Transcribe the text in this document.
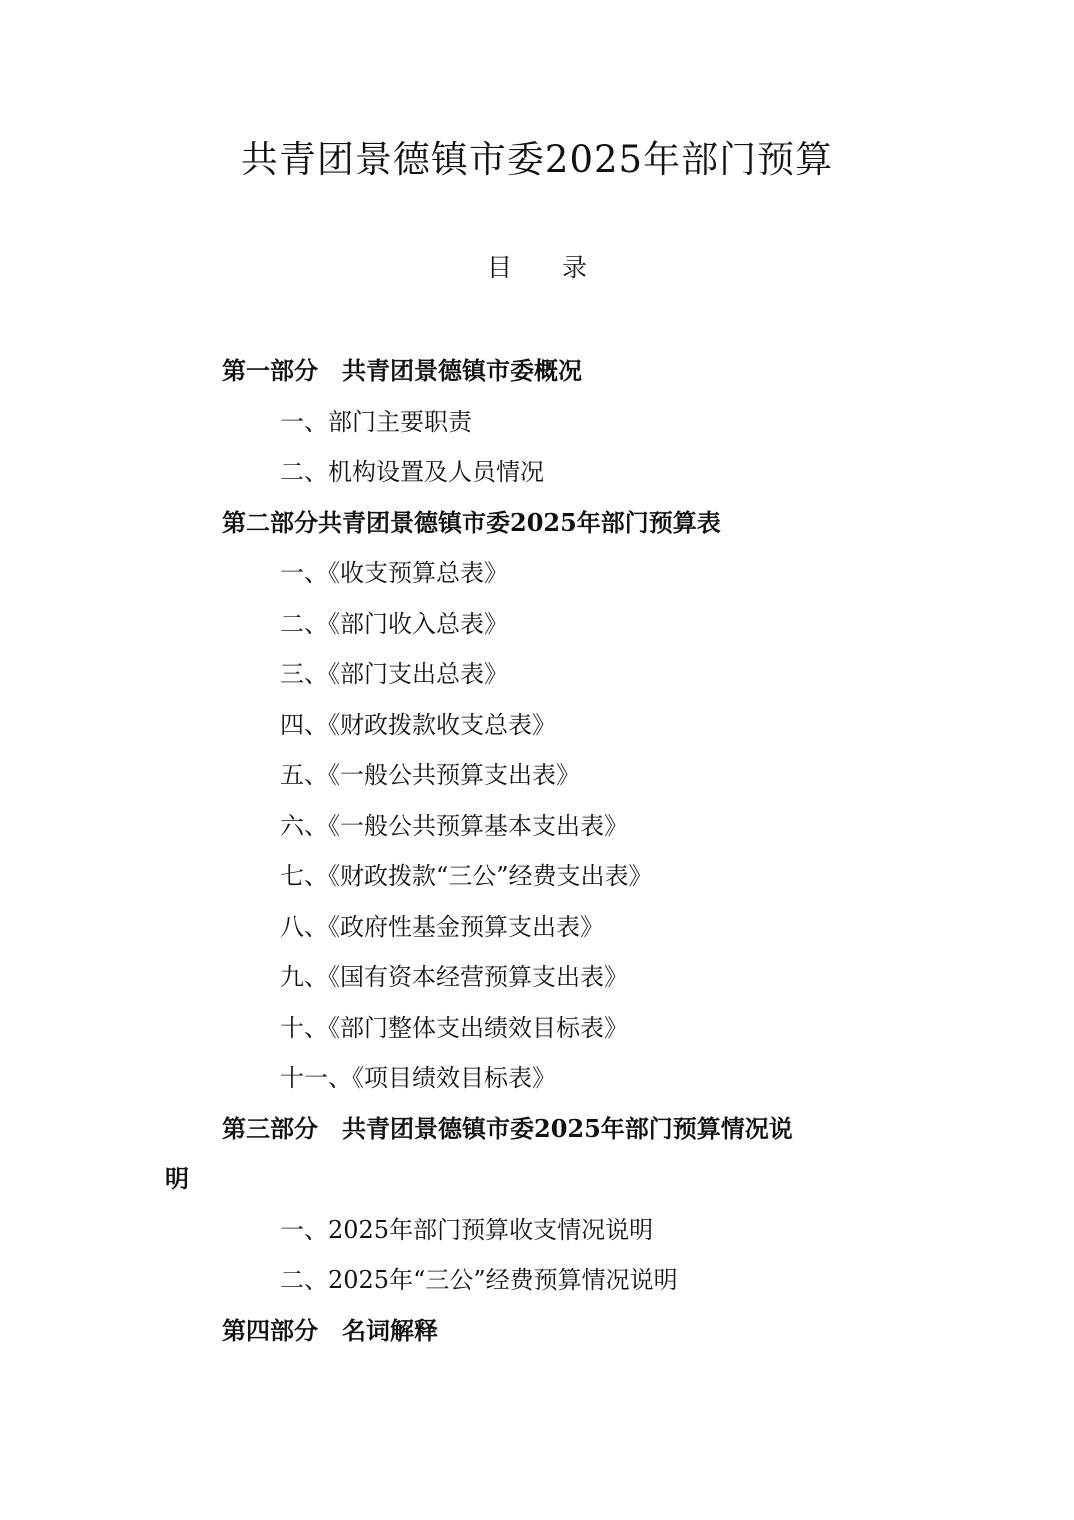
共青团景德镇市委2025年部门预算
目录
第一部分　共青团景德镇市委概况
一、部门主要职责
二、机构设置及人员情况
第二部分共青团景德镇市委2025年部门预算表
一、《收支预算总表》
二、《部门收入总表》
三、《部门支出总表》
四、《财政拨款收支总表》
五、《一般公共预算支出表》
六、《一般公共预算基本支出表》
七、《财政拨款“三公”经费支出表》
八、《政府性基金预算支出表》
九、《国有资本经营预算支出表》
十、《部门整体支出绩效目标表》
十一、《项目绩效目标表》
第三部分　共青团景德镇市委2025年部门预算情况说
明
一、2025年部门预算收支情况说明
二、2025年“三公”经费预算情况说明
第四部分　名词解释
